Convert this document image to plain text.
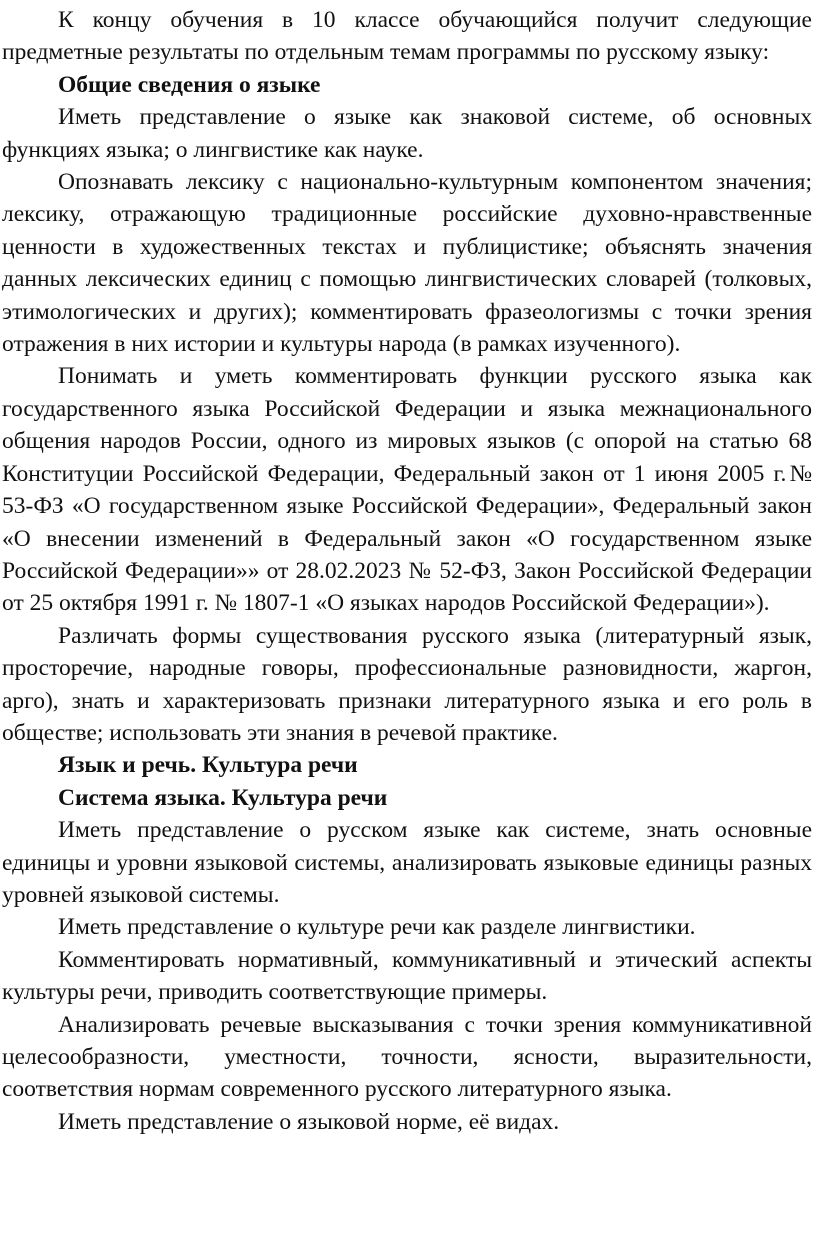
К концу обучения в 10 классе обучающийся получит следующие предметные результаты по отдельным темам программы по русскому языку:

Общие сведения о языке

Иметь представление о языке как знаковой системе, об основных функциях языка; о лингвистике как науке.

Опознавать лексику с национально-культурным компонентом значения; лексику, отражающую традиционные российские духовно-нравственные ценности в художественных текстах и публицистике; объяснять значения данных лексических единиц с помощью лингвистических словарей (толковых, этимологических и других); комментировать фразеологизмы с точки зрения отражения в них истории и культуры народа (в рамках изученного).

Понимать и уметь комментировать функции русского языка как государственного языка Российской Федерации и языка межнационального общения народов России, одного из мировых языков (с опорой на статью 68 Конституции Российской Федерации, Федеральный закон от 1 июня 2005 г.№ 53-ФЗ «О государственном языке Российской Федерации», Федеральный закон «О внесении изменений в Федеральный закон «О государственном языке Российской Федерации»» от 28.02.2023 № 52-ФЗ, Закон Российской Федерации от 25 октября 1991 г. № 1807-1 «О языках народов Российской Федерации»).

Различать формы существования русского языка (литературный язык, просторечие, народные говоры, профессиональные разновидности, жаргон, арго), знать и характеризовать признаки литературного языка и его роль в обществе; использовать эти знания в речевой практике.

Язык и речь. Культура речи

Система языка. Культура речи

Иметь представление о русском языке как системе, знать основные единицы и уровни языковой системы, анализировать языковые единицы разных уровней языковой системы.

Иметь представление о культуре речи как разделе лингвистики.

Комментировать нормативный, коммуникативный и этический аспекты культуры речи, приводить соответствующие примеры.

Анализировать речевые высказывания с точки зрения коммуникативной целесообразности, уместности, точности, ясности, выразительности, соответствия нормам современного русского литературного языка.

Иметь представление о языковой норме, её видах.
